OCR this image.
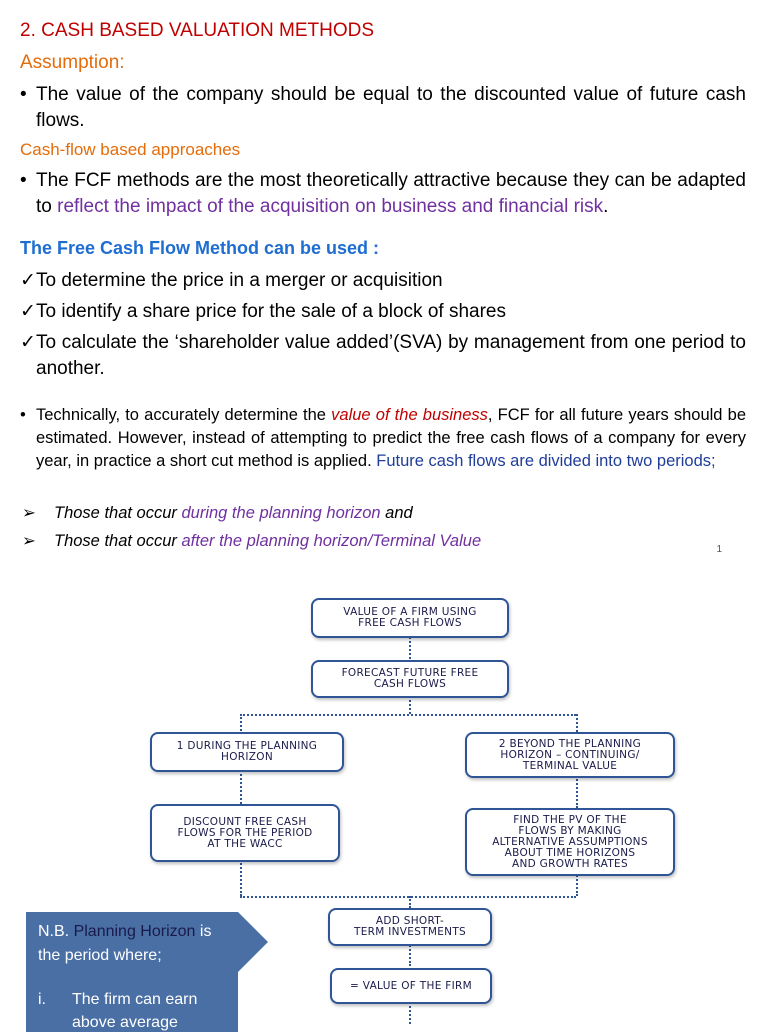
2. CASH BASED VALUATION METHODS
Assumption:
• The value of the company should be equal to the discounted value of future cash flows.
Cash-flow based approaches
• The FCF methods are the most theoretically attractive because they can be adapted to reflect the impact of the acquisition on business and financial risk.
The Free Cash Flow Method can be used :
✓ To determine the price in a merger or acquisition
✓ To identify a share price for the sale of a block of shares
✓ To calculate the ‘shareholder value added’(SVA) by management from one period to another.
• Technically, to accurately determine the value of the business, FCF for all future years should be estimated. However, instead of attempting to predict the free cash flows of a company for every year, in practice a short cut method is applied. Future cash flows are divided into two periods;
➢ Those that occur during the planning horizon and
➢ Those that occur after the planning horizon/Terminal Value	1
VALUE OF A FIRM USING
FREE CASH FLOWS
FORECAST FUTURE FREE
CASH FLOWS
1 DURING THE PLANNING
HORIZON
2 BEYOND THE PLANNING
HORIZON – CONTINUING/
TERMINAL VALUE
DISCOUNT FREE CASH
FLOWS FOR THE PERIOD
AT THE WACC
FIND THE PV OF THE
FLOWS BY MAKING
ALTERNATIVE ASSUMPTIONS
ABOUT TIME HORIZONS
AND GROWTH RATES
ADD SHORT-
TERM INVESTMENTS
= VALUE OF THE FIRM
N.B. Planning Horizon is
the period where;
i. The firm can earn
above average
